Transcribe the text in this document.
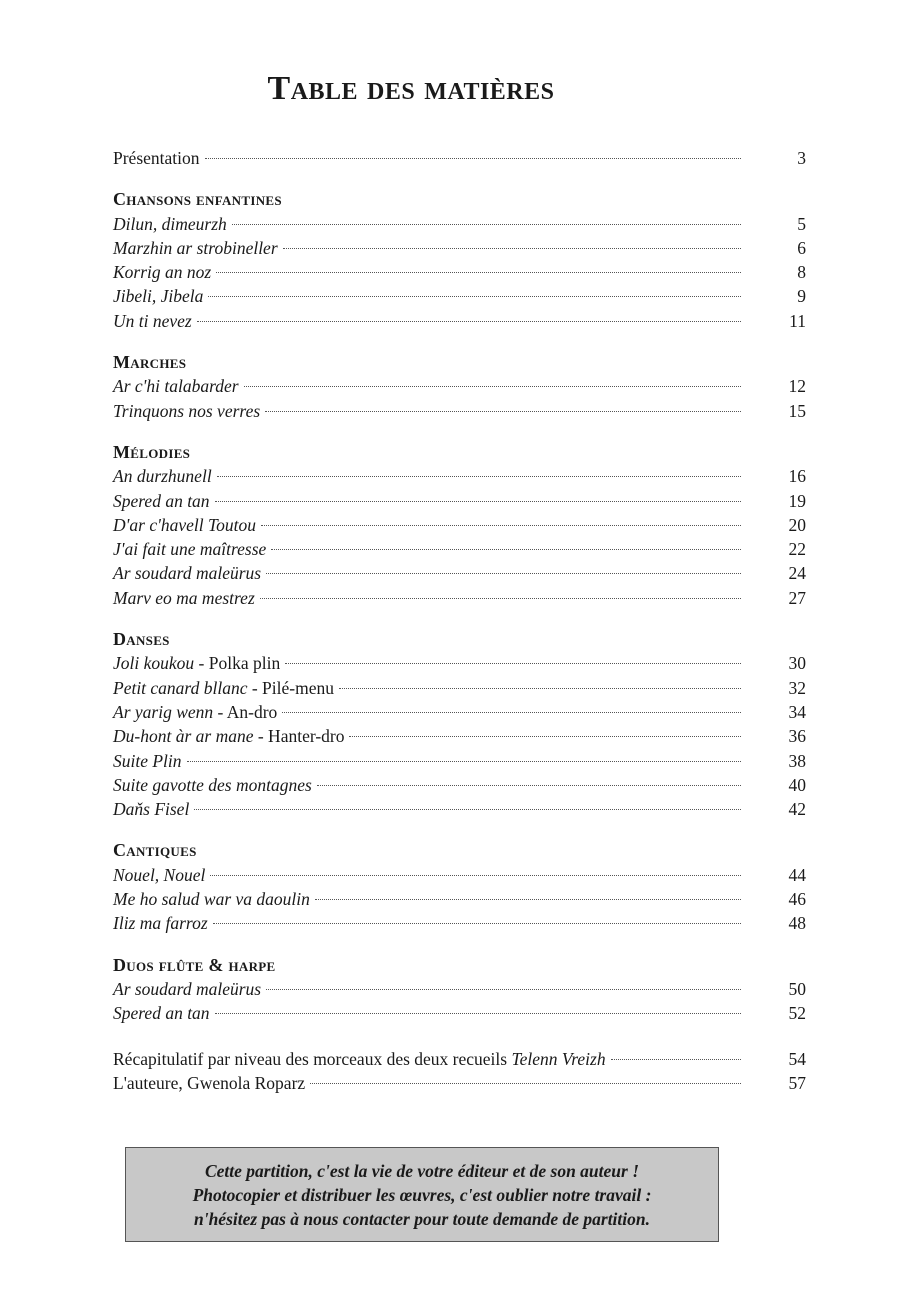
Table des matières
Présentation	3
Chansons enfantines
Dilun, dimeurzh	5
Marzhin ar strobineller	6
Korrig an noz	8
Jibeli, Jibela	9
Un ti nevez	11
Marches
Ar c'hi talabarder	12
Trinquons nos verres	15
Mélodies
An durzhunell	16
Spered an tan	19
D'ar c'havell Toutou	20
J'ai fait une maîtresse	22
Ar soudard maleürus	24
Marv eo ma mestrez	27
Danses
Joli koukou - Polka plin	30
Petit canard bllanc - Pilé-menu	32
Ar yarig wenn - An-dro	34
Du-hont àr ar mane - Hanter-dro	36
Suite Plin	38
Suite gavotte des montagnes	40
Daňs Fisel	42
Cantiques
Nouel, Nouel	44
Me ho salud war va daoulin	46
Iliz ma farroz	48
Duos flûte & harpe
Ar soudard maleürus	50
Spered an tan	52
Récapitulatif par niveau des morceaux des deux recueils Telenn Vreizh	54
L'auteure, Gwenola Roparz	57
Cette partition, c'est la vie de votre éditeur et de son auteur !
Photocopier et distribuer les œuvres, c'est oublier notre travail :
n'hésitez pas à nous contacter pour toute demande de partition.
